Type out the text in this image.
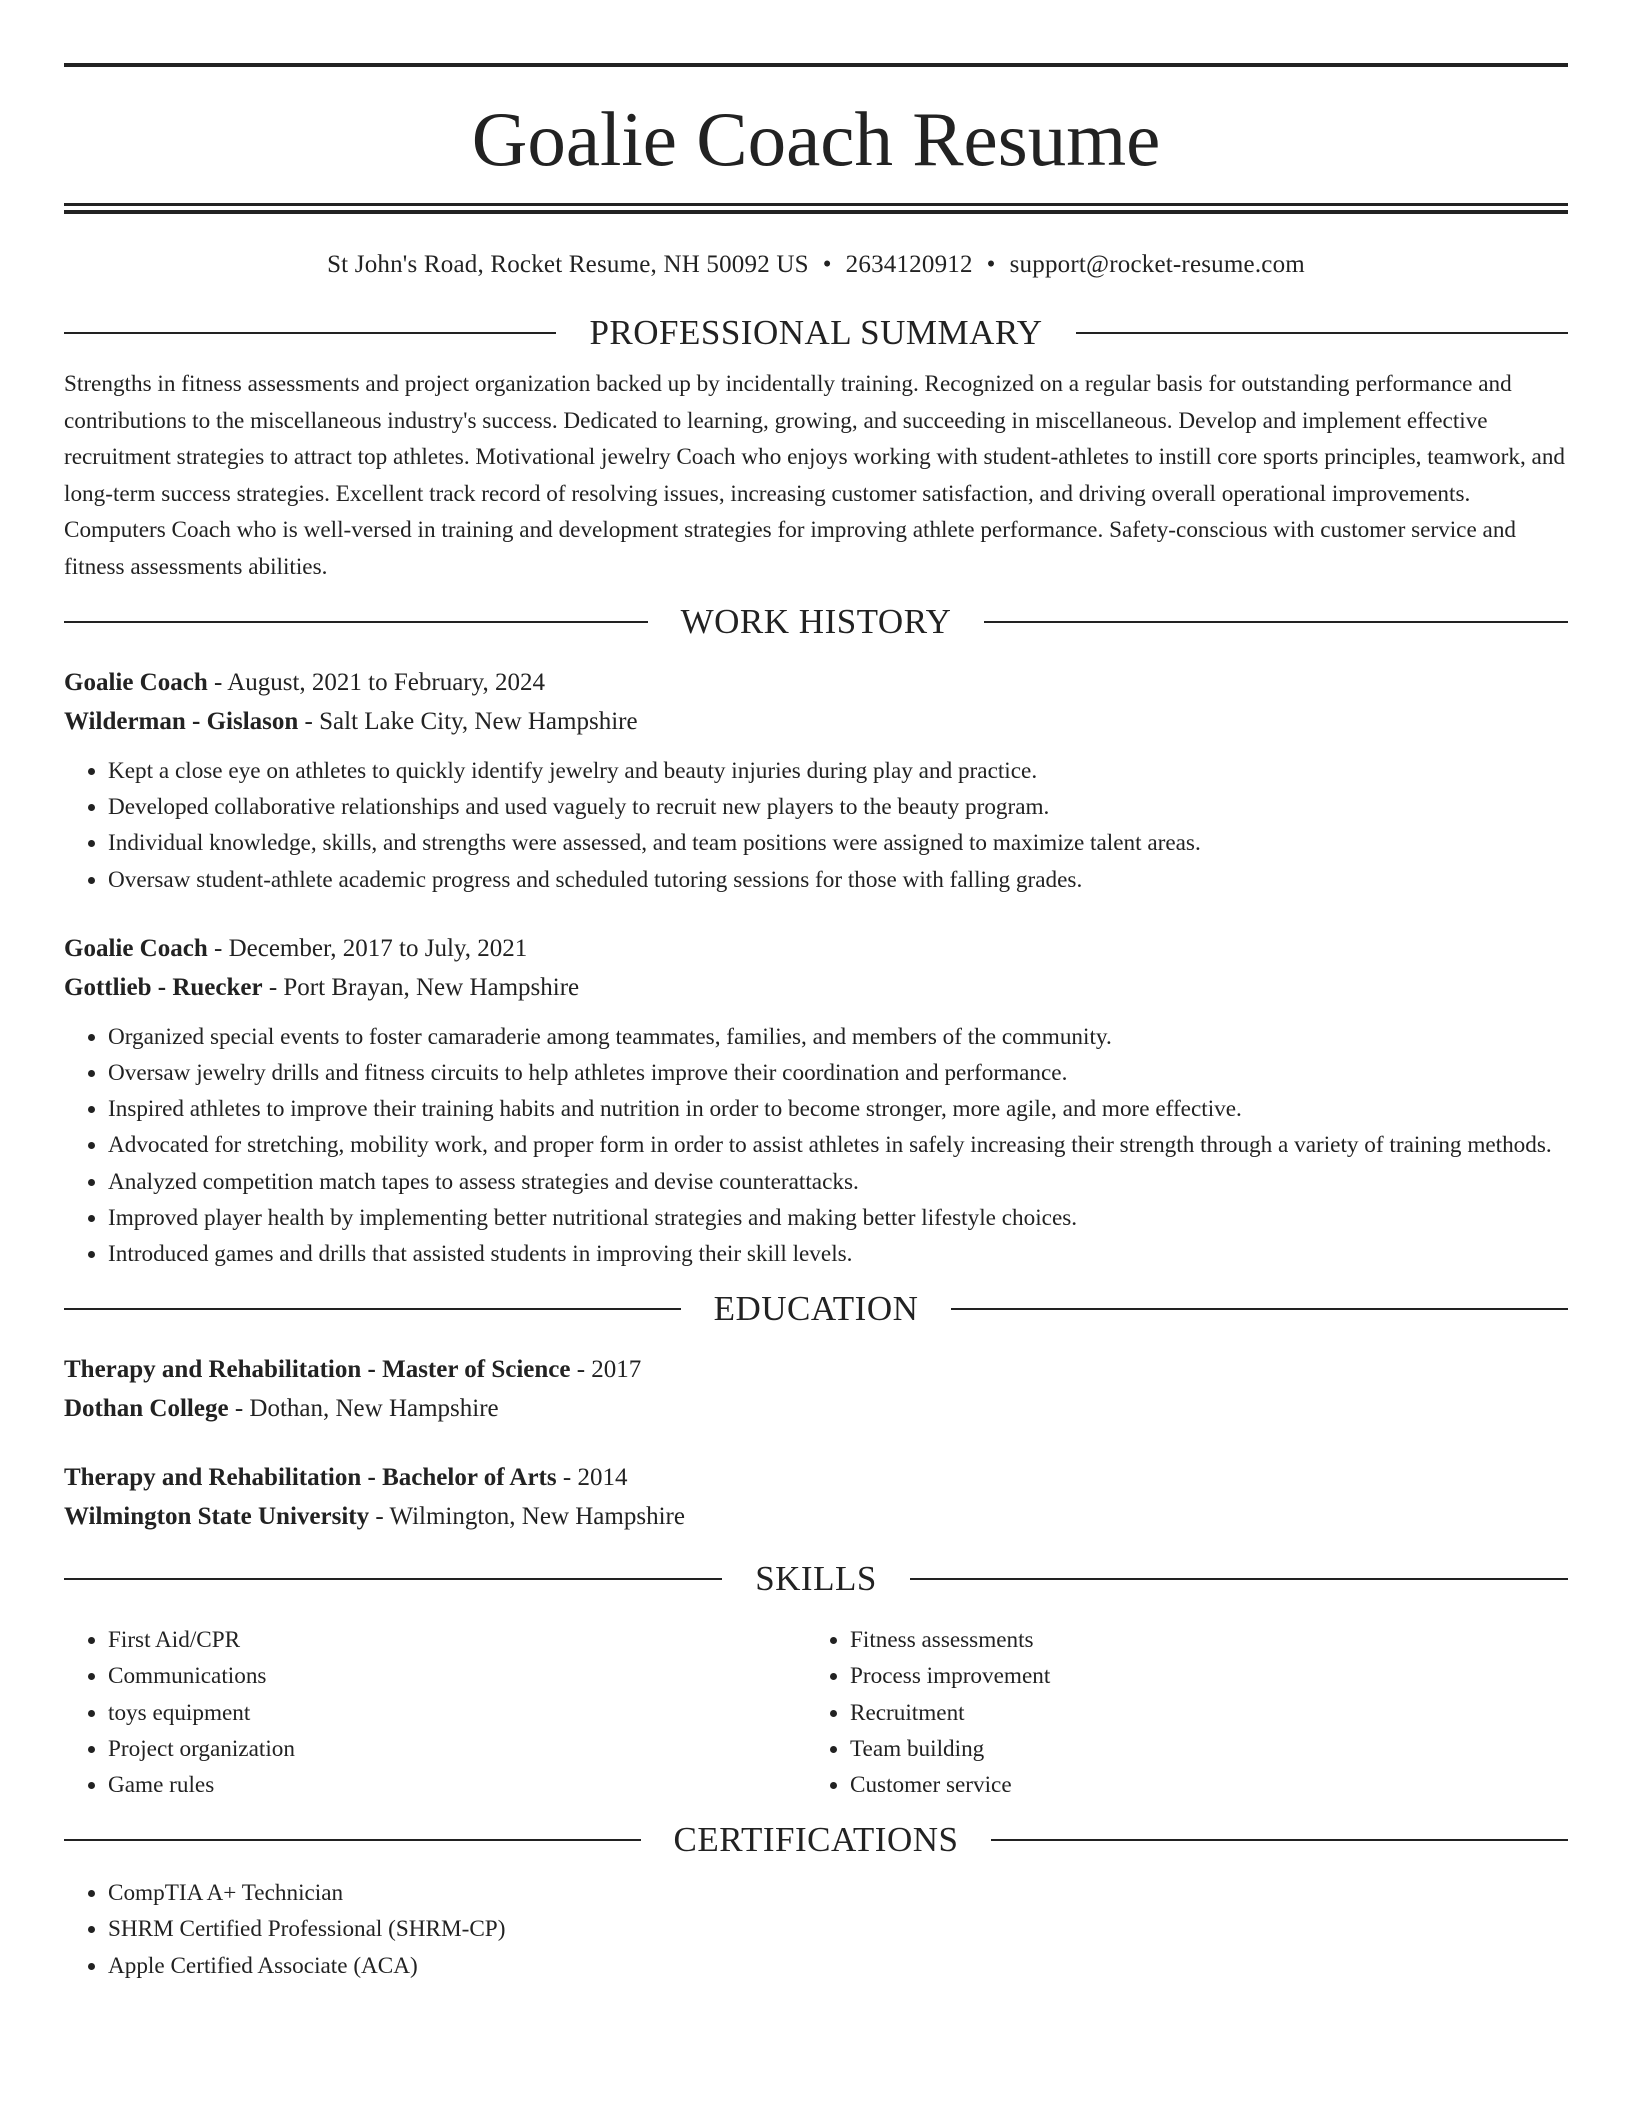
Goalie Coach Resume
St John's Road, Rocket Resume, NH 50092 US • 2634120912 • support@rocket-resume.com
PROFESSIONAL SUMMARY
Strengths in fitness assessments and project organization backed up by incidentally training. Recognized on a regular basis for outstanding performance and contributions to the miscellaneous industry's success. Dedicated to learning, growing, and succeeding in miscellaneous. Develop and implement effective recruitment strategies to attract top athletes. Motivational jewelry Coach who enjoys working with student-athletes to instill core sports principles, teamwork, and long-term success strategies. Excellent track record of resolving issues, increasing customer satisfaction, and driving overall operational improvements. Computers Coach who is well-versed in training and development strategies for improving athlete performance. Safety-conscious with customer service and fitness assessments abilities.
WORK HISTORY
Goalie Coach - August, 2021 to February, 2024
Wilderman - Gislason - Salt Lake City, New Hampshire
• Kept a close eye on athletes to quickly identify jewelry and beauty injuries during play and practice.
• Developed collaborative relationships and used vaguely to recruit new players to the beauty program.
• Individual knowledge, skills, and strengths were assessed, and team positions were assigned to maximize talent areas.
• Oversaw student-athlete academic progress and scheduled tutoring sessions for those with falling grades.
Goalie Coach - December, 2017 to July, 2021
Gottlieb - Ruecker - Port Brayan, New Hampshire
• Organized special events to foster camaraderie among teammates, families, and members of the community.
• Oversaw jewelry drills and fitness circuits to help athletes improve their coordination and performance.
• Inspired athletes to improve their training habits and nutrition in order to become stronger, more agile, and more effective.
• Advocated for stretching, mobility work, and proper form in order to assist athletes in safely increasing their strength through a variety of training methods.
• Analyzed competition match tapes to assess strategies and devise counterattacks.
• Improved player health by implementing better nutritional strategies and making better lifestyle choices.
• Introduced games and drills that assisted students in improving their skill levels.
EDUCATION
Therapy and Rehabilitation - Master of Science - 2017
Dothan College - Dothan, New Hampshire
Therapy and Rehabilitation - Bachelor of Arts - 2014
Wilmington State University - Wilmington, New Hampshire
SKILLS
• First Aid/CPR
• Communications
• toys equipment
• Project organization
• Game rules
• Fitness assessments
• Process improvement
• Recruitment
• Team building
• Customer service
CERTIFICATIONS
• CompTIA A+ Technician
• SHRM Certified Professional (SHRM-CP)
• Apple Certified Associate (ACA)
